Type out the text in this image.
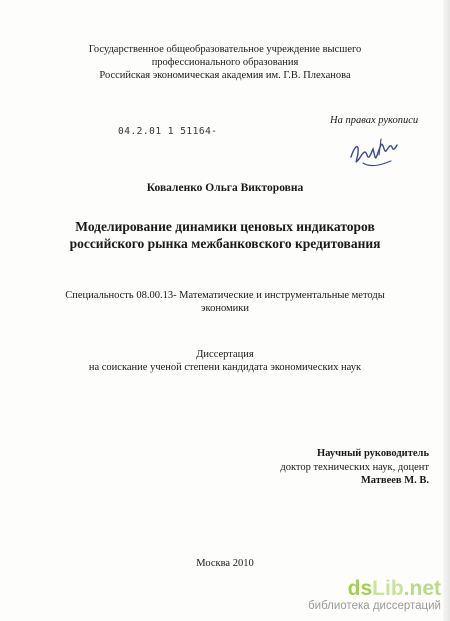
Государственное общеобразовательное учреждение высшего
профессионального образования
Российская экономическая академия им. Г.В. Плеханова
На правах рукописи
04.2.01 1 51164-
Коваленко Ольга Викторовна
Моделирование динамики ценовых индикаторов
российского рынка межбанковского кредитования
Специальность 08.00.13- Математические и инструментальные методы
экономики
Диссертация
на соискание ученой степени кандидата экономических наук
Научный руководитель
доктор технических наук, доцент
Матвеев М. В.
Москва 2010
dsLib.net
библиотека диссертаций
